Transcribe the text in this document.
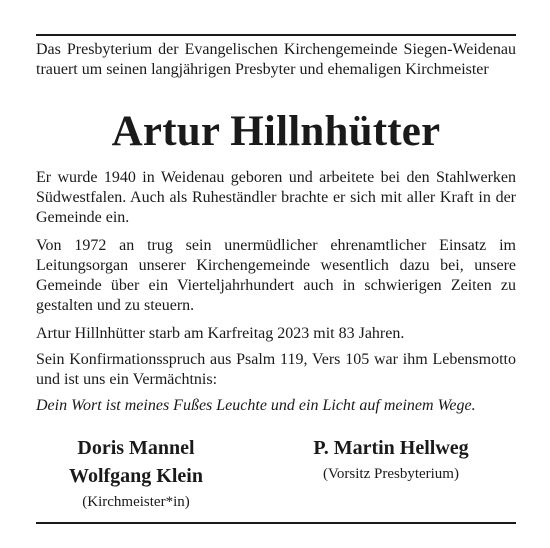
Das Presbyterium der Evangelischen Kirchengemeinde Siegen-Weidenau trauert um seinen langjährigen Presbyter und ehemaligen Kirchmeister

Artur Hillnhütter

Er wurde 1940 in Weidenau geboren und arbeitete bei den Stahlwerken Südwestfalen. Auch als Ruheständler brachte er sich mit aller Kraft in der Gemeinde ein.

Von 1972 an trug sein unermüdlicher ehrenamtlicher Einsatz im Leitungsorgan unserer Kirchengemeinde wesentlich dazu bei, unsere Gemeinde über ein Vierteljahrhundert auch in schwierigen Zeiten zu gestalten und zu steuern.

Artur Hillnhütter starb am Karfreitag 2023 mit 83 Jahren.

Sein Konfirmationsspruch aus Psalm 119, Vers 105 war ihm Lebensmotto und ist uns ein Vermächtnis:

Dein Wort ist meines Fußes Leuchte und ein Licht auf meinem Wege.

Doris Mannel
Wolfgang Klein
(Kirchmeister*in)
P. Martin Hellweg
(Vorsitz Presbyterium)
